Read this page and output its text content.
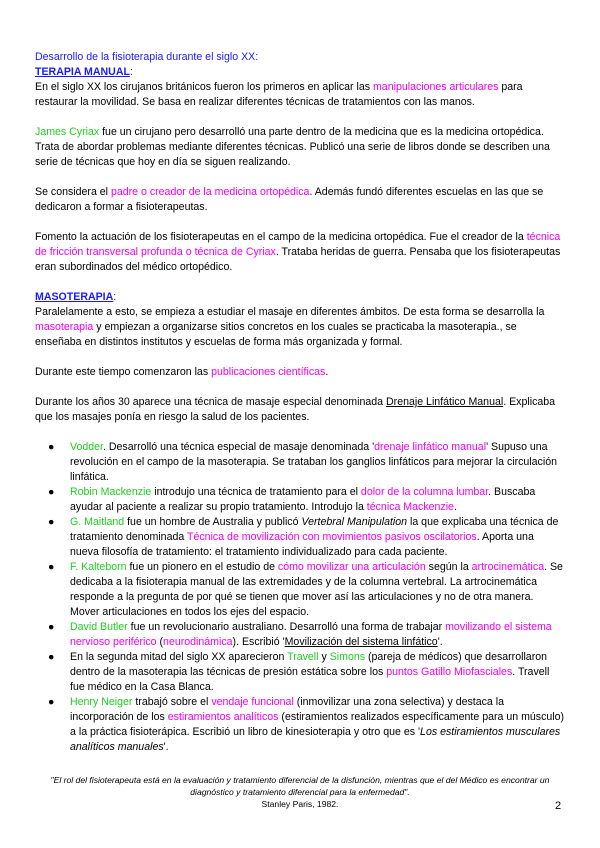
Desarrollo de la fisioterapia durante el siglo XX:

TERAPIA MANUAL:

En el siglo XX los cirujanos británicos fueron los primeros en aplicar las manipulaciones articulares para restaurar la movilidad. Se basa en realizar diferentes técnicas de tratamientos con las manos.

James Cyriax fue un cirujano pero desarrolló una parte dentro de la medicina que es la medicina ortopédica. Trata de abordar problemas mediante diferentes técnicas. Publicó una serie de libros donde se describen una serie de técnicas que hoy en día se siguen realizando.

Se considera el padre o creador de la medicina ortopédica. Además fundó diferentes escuelas en las que se dedicaron a formar a fisioterapeutas.

Fomento la actuación de los fisioterapeutas en el campo de la medicina ortopédica. Fue el creador de la técnica de fricción transversal profunda o técnica de Cyriax. Trataba heridas de guerra. Pensaba que los fisioterapeutas eran subordinados del médico ortopédico.

MASOTERAPIA:

Paralelamente a esto, se empieza a estudiar el masaje en diferentes ámbitos. De esta forma se desarrolla la masoterapia y empiezan a organizarse sitios concretos en los cuales se practicaba la masoterapia., se enseñaba en distintos institutos y escuelas de forma más organizada y formal.

Durante este tiempo comenzaron las publicaciones científicas.

Durante los años 30 aparece una técnica de masaje especial denominada Drenaje Linfático Manual. Explicaba que los masajes ponía en riesgo la salud de los pacientes.

● Vodder. Desarrolló una técnica especial de masaje denominada 'drenaje linfático manual' Supuso una revolución en el campo de la masoterapia. Se trataban los ganglios linfáticos para mejorar la circulación linfática.
● Robin Mackenzie introdujo una técnica de tratamiento para el dolor de la columna lumbar. Buscaba ayudar al paciente a realizar su propio tratamiento. Introdujo la técnica Mackenzie.
● G. Maitland fue un hombre de Australia y publicó Vertebral Manipulation la que explicaba una técnica de tratamiento denominada Técnica de movilización con movimientos pasivos oscilatorios. Aporta una nueva filosofía de tratamiento: el tratamiento individualizado para cada paciente.
● F. Kalteborn fue un pionero en el estudio de cómo movilizar una articulación según la artrocinemática. Se dedicaba a la fisioterapia manual de las extremidades y de la columna vertebral. La artrocinemática responde a la pregunta de por qué se tienen que mover así las articulaciones y no de otra manera. Mover articulaciones en todos los ejes del espacio.
● David Butler fue un revolucionario australiano. Desarrolló una forma de trabajar movilizando el sistema nervioso periférico (neurodinámica). Escribió 'Movilización del sistema linfático'.
● En la segunda mitad del siglo XX aparecieron Travell y Simons (pareja de médicos) que desarrollaron dentro de la masoterapia las técnicas de presión estática sobre los puntos Gatillo Miofasciales. Travell fue médico en la Casa Blanca.
● Henry Neiger trabajó sobre el vendaje funcional (inmovilizar una zona selectiva) y destaca la incorporación de los estiramientos analíticos (estiramientos realizados específicamente para un músculo) a la práctica fisioterápica. Escribió un libro de kinesioterapia y otro que es 'Los estiramientos musculares analíticos manuales'.

"El rol del fisioterapeuta está en la evaluación y tratamiento diferencial de la disfunción, mientras que el del Médico es encontrar un diagnóstico y tratamiento diferencial para la enfermedad".

Stanley Paris, 1982.	2
